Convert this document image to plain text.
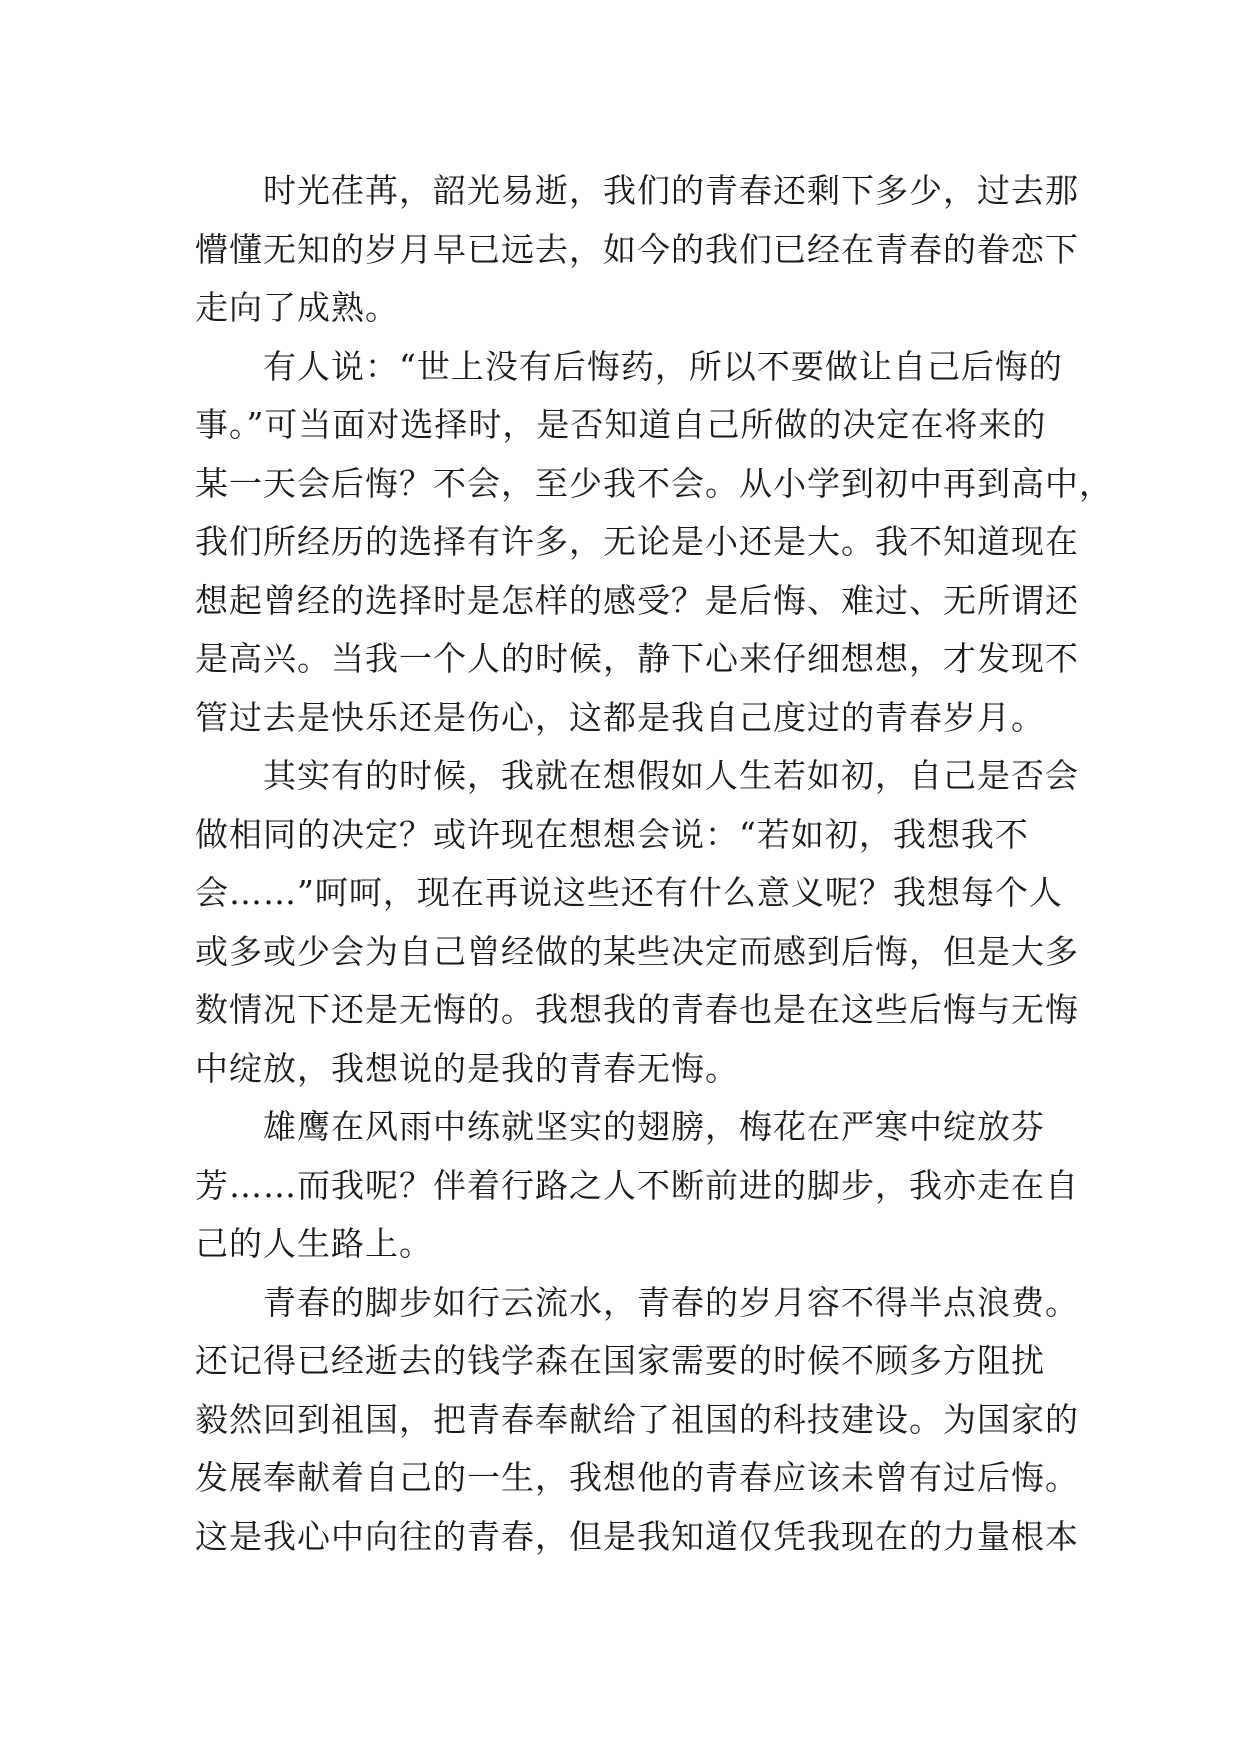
　　时光荏苒，韶光易逝，我们的青春还剩下多少，过去那
懵懂无知的岁月早已远去，如今的我们已经在青春的眷恋下
走向了成熟。
　　有人说：“世上没有后悔药，所以不要做让自己后悔的
事。”可当面对选择时，是否知道自己所做的决定在将来的
某一天会后悔？不会，至少我不会。从小学到初中再到高中，
我们所经历的选择有许多，无论是小还是大。我不知道现在
想起曾经的选择时是怎样的感受？是后悔、难过、无所谓还
是高兴。当我一个人的时候，静下心来仔细想想，才发现不
管过去是快乐还是伤心，这都是我自己度过的青春岁月。
　　其实有的时候，我就在想假如人生若如初，自己是否会
做相同的决定？或许现在想想会说：“若如初，我想我不
会……”呵呵，现在再说这些还有什么意义呢？我想每个人
或多或少会为自己曾经做的某些决定而感到后悔，但是大多
数情况下还是无悔的。我想我的青春也是在这些后悔与无悔
中绽放，我想说的是我的青春无悔。
　　雄鹰在风雨中练就坚实的翅膀，梅花在严寒中绽放芬
芳……而我呢？伴着行路之人不断前进的脚步，我亦走在自
己的人生路上。
　　青春的脚步如行云流水，青春的岁月容不得半点浪费。
还记得已经逝去的钱学森在国家需要的时候不顾多方阻扰
毅然回到祖国，把青春奉献给了祖国的科技建设。为国家的
发展奉献着自己的一生，我想他的青春应该未曾有过后悔。
这是我心中向往的青春，但是我知道仅凭我现在的力量根本
